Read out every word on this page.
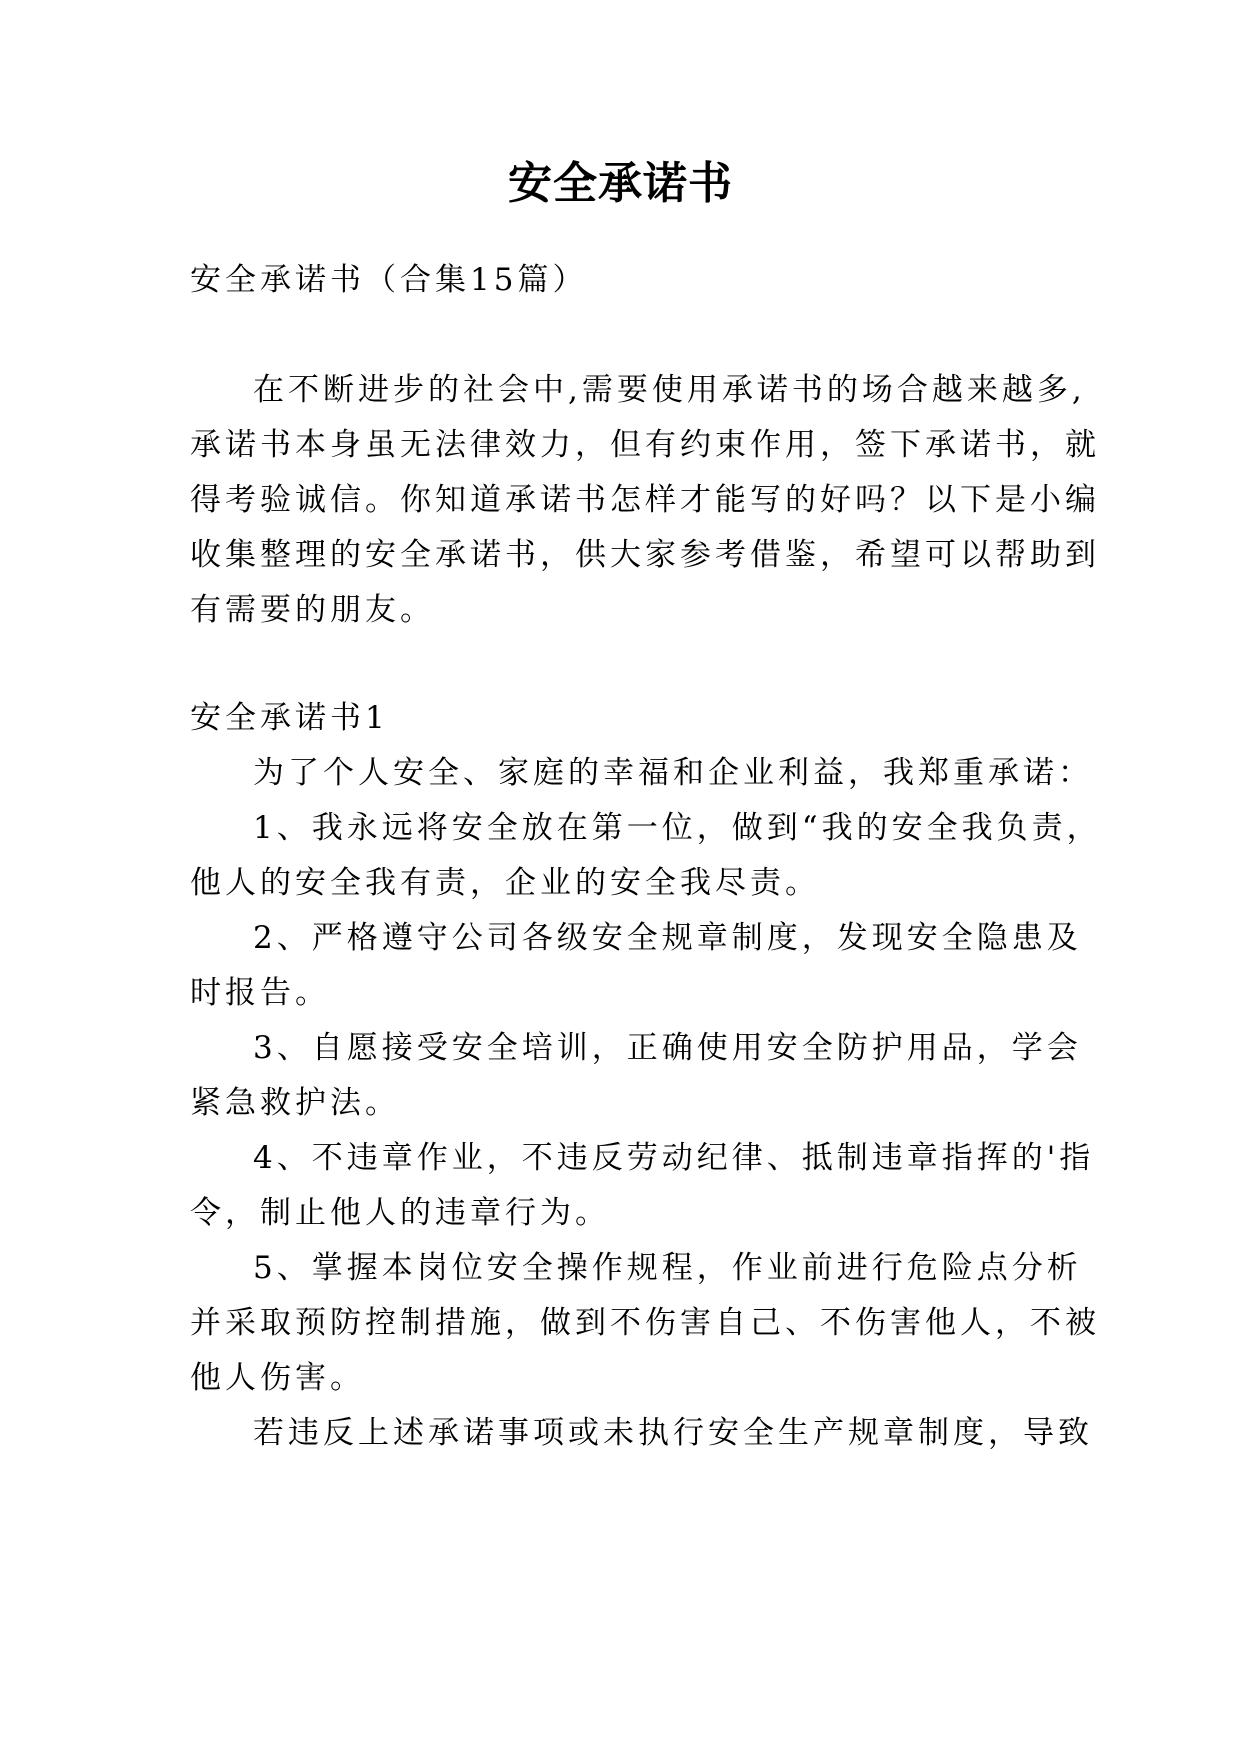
安全承诺书
安全承诺书（合集15篇）
在不断进步的社会中,需要使用承诺书的场合越来越多,
承诺书本身虽无法律效力，但有约束作用，签下承诺书，就
得考验诚信。你知道承诺书怎样才能写的好吗？以下是小编
收集整理的安全承诺书，供大家参考借鉴，希望可以帮助到
有需要的朋友。
安全承诺书1
为了个人安全、家庭的幸福和企业利益，我郑重承诺：
1、我永远将安全放在第一位，做到“我的安全我负责，
他人的安全我有责，企业的安全我尽责。
2、严格遵守公司各级安全规章制度，发现安全隐患及
时报告。
3、自愿接受安全培训，正确使用安全防护用品，学会
紧急救护法。
4、不违章作业，不违反劳动纪律、抵制违章指挥的'指
令，制止他人的违章行为。
5、掌握本岗位安全操作规程，作业前进行危险点分析
并采取预防控制措施，做到不伤害自己、不伤害他人，不被
他人伤害。
若违反上述承诺事项或未执行安全生产规章制度，导致
